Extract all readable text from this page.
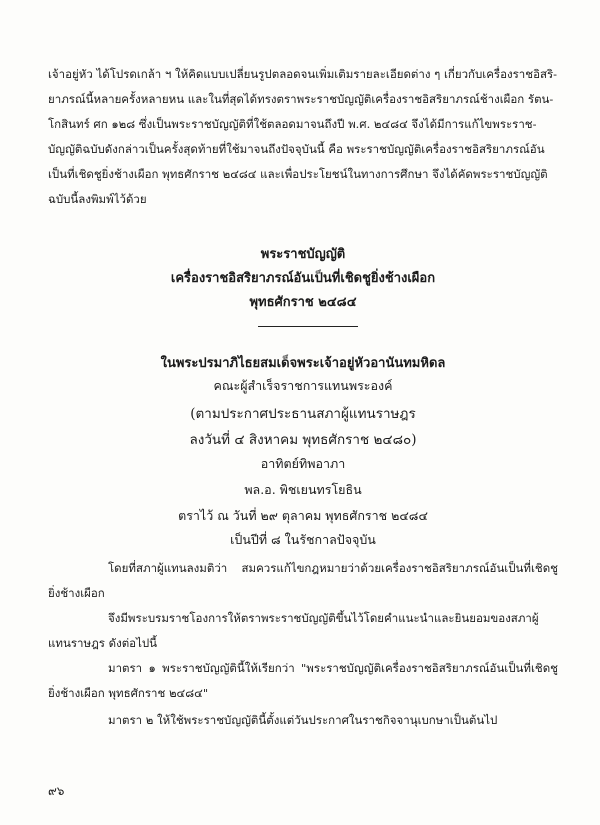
เจ้าอยู่หัว ได้โปรดเกล้า ฯ ให้คิดแบบเปลี่ยนรูปตลอดจนเพิ่มเติมรายละเอียดต่าง ๆ เกี่ยวกับเครื่องราชอิสริ-

ยาภรณ์นี้หลายครั้งหลายหน และในที่สุดได้ทรงตราพระราชบัญญัติเครื่องราชอิสริยาภรณ์ช้างเผือก รัตน-

โกสินทร์ ศก ๑๒๘ ซึ่งเป็นพระราชบัญญัติที่ใช้ตลอดมาจนถึงปี พ.ศ. ๒๔๘๔ จึงได้มีการแก้ไขพระราช-

บัญญัติฉบับดังกล่าวเป็นครั้งสุดท้ายที่ใช้มาจนถึงปัจจุบันนี้ คือ พระราชบัญญัติเครื่องราชอิสริยาภรณ์อัน

เป็นที่เชิดชูยิ่งช้างเผือก พุทธศักราช ๒๔๘๔ และเพื่อประโยชน์ในทางการศึกษา จึงได้คัดพระราชบัญญัติ

ฉบับนี้ลงพิมพ์ไว้ด้วย

พระราชบัญญัติ
เครื่องราชอิสริยาภรณ์อันเป็นที่เชิดชูยิ่งช้างเผือก
พุทธศักราช ๒๔๘๔
ในพระปรมาภิไธยสมเด็จพระเจ้าอยู่หัวอานันทมหิดล
คณะผู้สำเร็จราชการแทนพระองค์
(ตามประกาศประธานสภาผู้แทนราษฎร
ลงวันที่ ๔ สิงหาคม พุทธศักราช ๒๔๘๐)
อาทิตย์ทิพอาภา
พล.อ. พิชเยนทรโยธิน
ตราไว้ ณ วันที่ ๒๙ ตุลาคม พุทธศักราช ๒๔๘๔
เป็นปีที่ ๘ ในรัชกาลปัจจุบัน

โดยที่สภาผู้แทนลงมติว่า สมควรแก้ไขกฎหมายว่าด้วยเครื่องราชอิสริยาภรณ์อันเป็นที่เชิดชูยิ่งช้างเผือก

จึงมีพระบรมราชโองการให้ตราพระราชบัญญัติขึ้นไว้โดยคำแนะนำและยินยอมของสภาผู้แทนราษฎร ดังต่อไปนี้

มาตรา ๑ พระราชบัญญัตินี้ให้เรียกว่า "พระราชบัญญัติเครื่องราชอิสริยาภรณ์อันเป็นที่เชิดชูยิ่งช้างเผือก พุทธศักราช ๒๔๘๔"

มาตรา ๒ ให้ใช้พระราชบัญญัตินี้ตั้งแต่วันประกาศในราชกิจจานุเบกษาเป็นต้นไป

๙๖
